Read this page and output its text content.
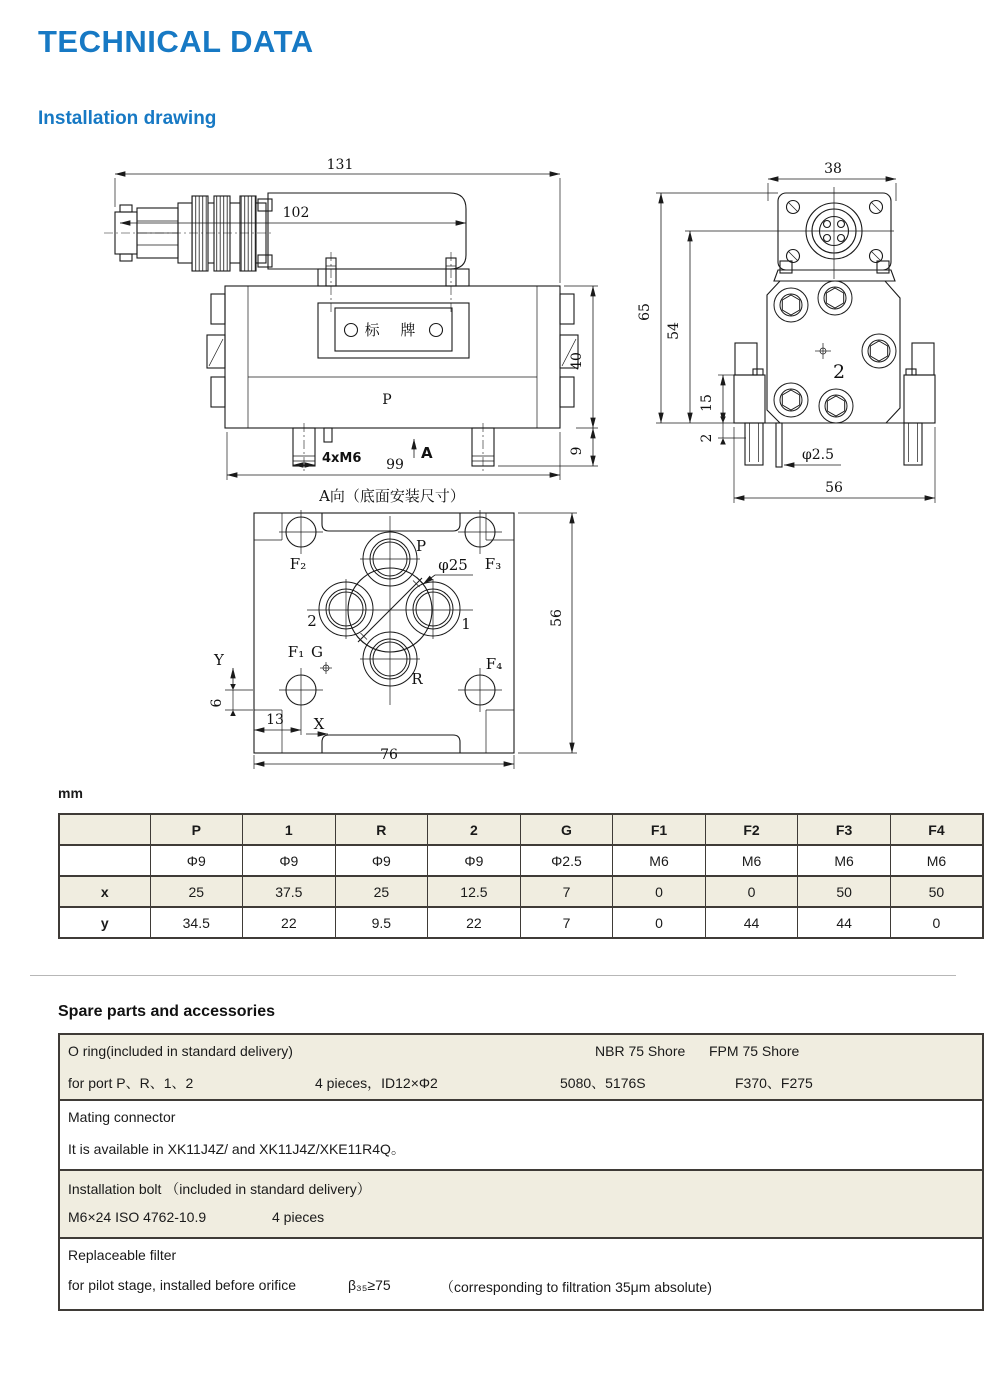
TECHNICAL DATA
Installation drawing
131
102
标 牌
P
4xM6	A
99
40
9
38
2
65
54
15
2
φ2.5
56
A向（底面安装尺寸）
F₂	F₃
F₁
F₄
G
φ25
P
2	1
R
56
Y
6
X
13
76
mm
	P	1	R	2	G	F1	F2	F3	F4
	Φ9	Φ9	Φ9	Φ9	Φ2.5	M6	M6	M6	M6
x	25	37.5	25	12.5	7	0	0	50	50
y	34.5	22	9.5	22	7	0	44	44	0
Spare parts and accessories
O ring(included in standard delivery)	NBR 75 Shore FPM 75 Shore
for port P、R、1、2	4 pieces，ID12×Φ2	5080、5176S	F370、F275
Mating connector
It is available in XK11J4Z/ and XK11J4Z/XKE11R4Q。
Installation bolt （included in standard delivery）
M6×24 ISO 4762-10.9	4 pieces
Replaceable filter
for pilot stage, installed before orifice	β₃₅≥75	（corresponding to filtration 35μm absolute)
